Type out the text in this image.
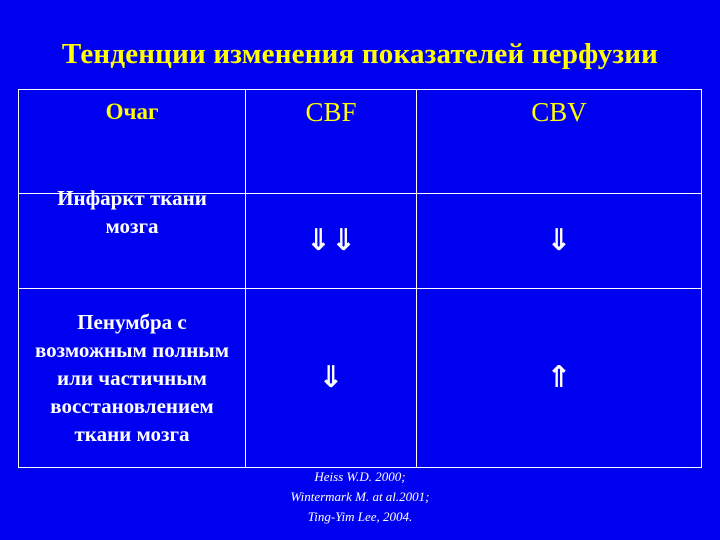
Тенденции изменения показателей перфузии
Очаг	CBF	CBV

Инфаркт ткани мозга	⇓⇓	⇓

Пенумбра с возможным полным или частичным восстановлением ткани мозга	⇓	⇑
Heiss W.D. 2000;
Wintermark M. at al.2001;
Ting-Yim Lee, 2004.
